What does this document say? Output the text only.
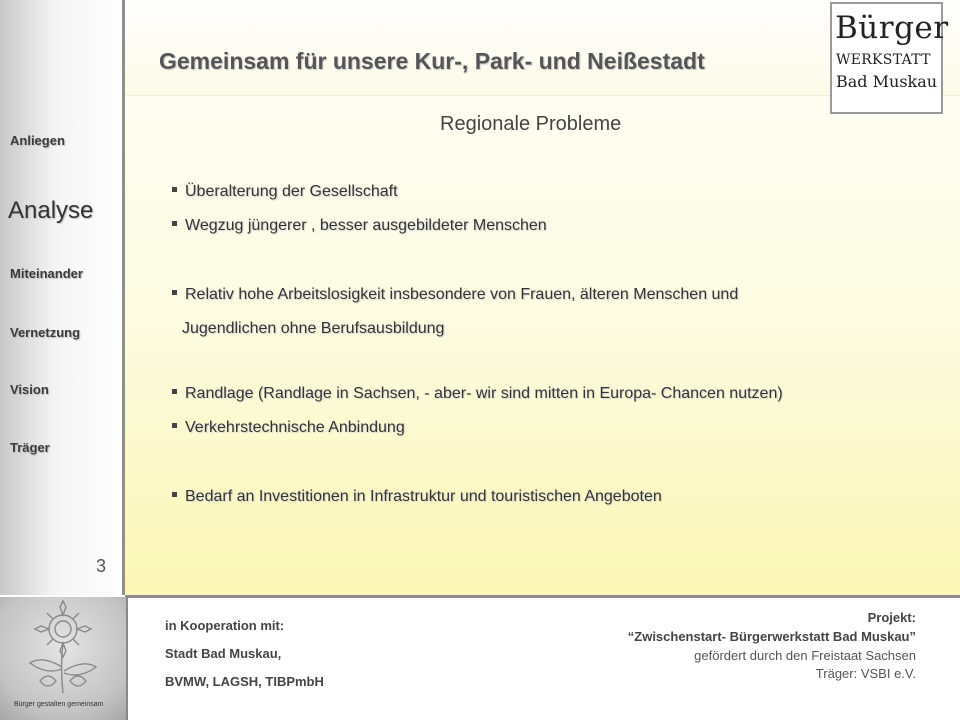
Anliegen
Analyse
Miteinander
Vernetzung
Vision
Träger
3
Gemeinsam für unsere Kur-, Park- und Neißestadt
Bürger
WERKSTATT
Bad Muskau
Regionale Probleme
Überalterung der Gesellschaft
Wegzug jüngerer , besser ausgebildeter Menschen
Relativ hohe Arbeitslosigkeit insbesondere von Frauen, älteren Menschen und
Jugendlichen ohne Berufsausbildung
Randlage (Randlage in Sachsen, - aber- wir sind mitten in Europa- Chancen nutzen)
Verkehrstechnische Anbindung
Bedarf an Investitionen in Infrastruktur und touristischen Angeboten
Bürger gestalten gemeinsam
in Kooperation mit:
Stadt Bad Muskau,
BVMW, LAGSH, TIBPmbH
Projekt:
“Zwischenstart- Bürgerwerkstatt Bad Muskau”
gefördert durch den Freistaat Sachsen
Träger: VSBI e.V.
